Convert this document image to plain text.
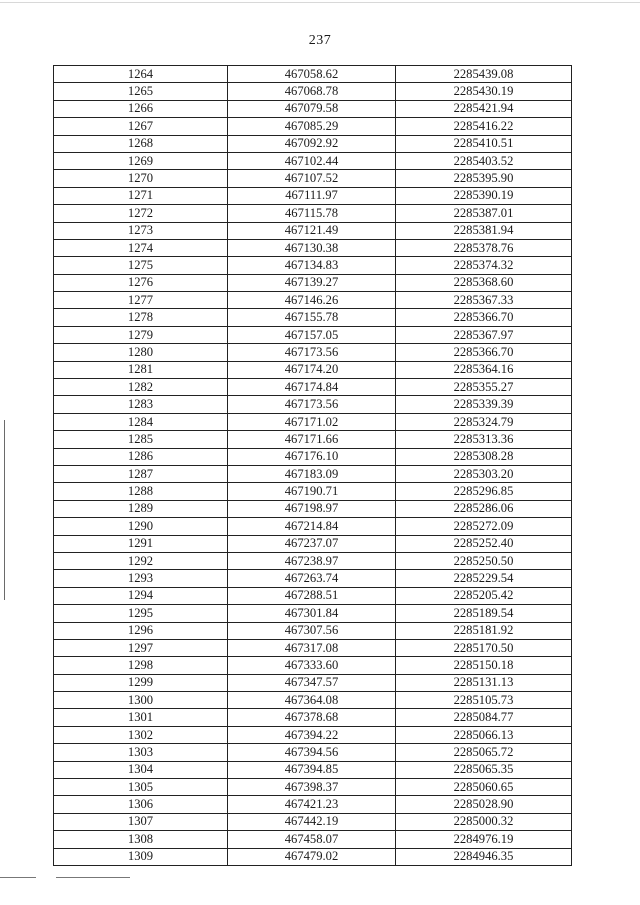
237
1264	467058.62	2285439.08
1265	467068.78	2285430.19
1266	467079.58	2285421.94
1267	467085.29	2285416.22
1268	467092.92	2285410.51
1269	467102.44	2285403.52
1270	467107.52	2285395.90
1271	467111.97	2285390.19
1272	467115.78	2285387.01
1273	467121.49	2285381.94
1274	467130.38	2285378.76
1275	467134.83	2285374.32
1276	467139.27	2285368.60
1277	467146.26	2285367.33
1278	467155.78	2285366.70
1279	467157.05	2285367.97
1280	467173.56	2285366.70
1281	467174.20	2285364.16
1282	467174.84	2285355.27
1283	467173.56	2285339.39
1284	467171.02	2285324.79
1285	467171.66	2285313.36
1286	467176.10	2285308.28
1287	467183.09	2285303.20
1288	467190.71	2285296.85
1289	467198.97	2285286.06
1290	467214.84	2285272.09
1291	467237.07	2285252.40
1292	467238.97	2285250.50
1293	467263.74	2285229.54
1294	467288.51	2285205.42
1295	467301.84	2285189.54
1296	467307.56	2285181.92
1297	467317.08	2285170.50
1298	467333.60	2285150.18
1299	467347.57	2285131.13
1300	467364.08	2285105.73
1301	467378.68	2285084.77
1302	467394.22	2285066.13
1303	467394.56	2285065.72
1304	467394.85	2285065.35
1305	467398.37	2285060.65
1306	467421.23	2285028.90
1307	467442.19	2285000.32
1308	467458.07	2284976.19
1309	467479.02	2284946.35
